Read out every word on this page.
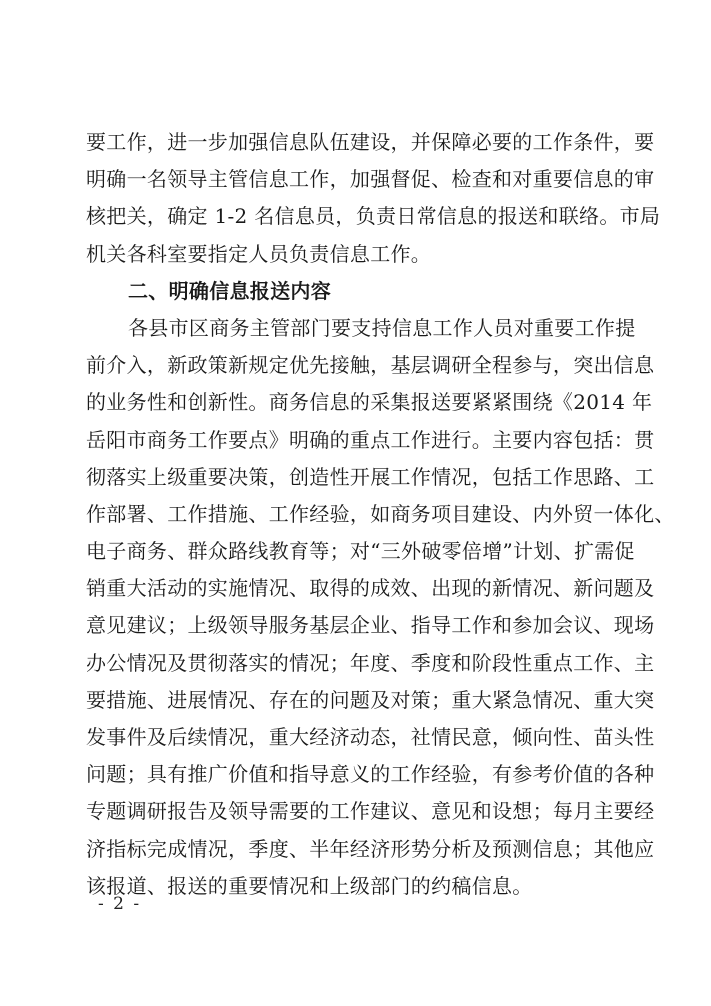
要工作，进一步加强信息队伍建设，并保障必要的工作条件，要
明确一名领导主管信息工作，加强督促、检查和对重要信息的审
核把关，确定 1-2 名信息员，负责日常信息的报送和联络。市局
机关各科室要指定人员负责信息工作。
二、明确信息报送内容
各县市区商务主管部门要支持信息工作人员对重要工作提
前介入，新政策新规定优先接触，基层调研全程参与，突出信息
的业务性和创新性。商务信息的采集报送要紧紧围绕《2014 年
岳阳市商务工作要点》明确的重点工作进行。主要内容包括：贯
彻落实上级重要决策，创造性开展工作情况，包括工作思路、工
作部署、工作措施、工作经验，如商务项目建设、内外贸一体化、
电子商务、群众路线教育等；对“三外破零倍增”计划、扩需促
销重大活动的实施情况、取得的成效、出现的新情况、新问题及
意见建议；上级领导服务基层企业、指导工作和参加会议、现场
办公情况及贯彻落实的情况；年度、季度和阶段性重点工作、主
要措施、进展情况、存在的问题及对策；重大紧急情况、重大突
发事件及后续情况，重大经济动态，社情民意，倾向性、苗头性
问题；具有推广价值和指导意义的工作经验，有参考价值的各种
专题调研报告及领导需要的工作建议、意见和设想；每月主要经
济指标完成情况，季度、半年经济形势分析及预测信息；其他应
该报道、报送的重要情况和上级部门的约稿信息。
- 2 -
